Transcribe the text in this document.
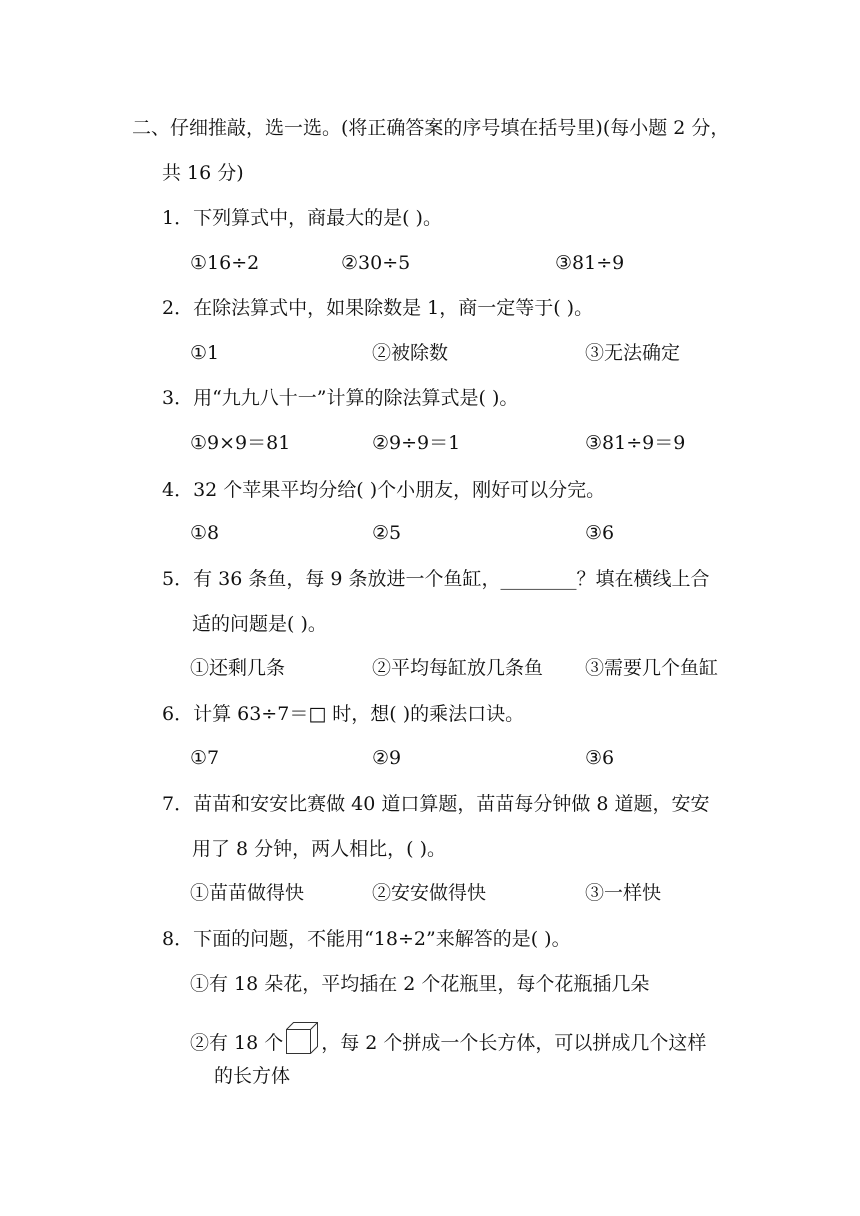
二、仔细推敲，选一选。(将正确答案的序号填在括号里)(每小题 2 分，
共 16 分)
1．下列算式中，商最大的是( )。
①16÷2	②30÷5	③81÷9
2．在除法算式中，如果除数是 1，商一定等于( )。
①1	②被除数	③无法确定
3．用“九九八十一”计算的除法算式是( )。
①9×9＝81	②9÷9＝1	③81÷9＝9
4．32 个苹果平均分给( )个小朋友，刚好可以分完。
①8	②5	③6
5．有 36 条鱼，每 9 条放进一个鱼缸，________？填在横线上合
适的问题是( )。
①还剩几条	②平均每缸放几条鱼 ③需要几个鱼缸
6．计算 63÷7＝□ 时，想( )的乘法口诀。
①7	②9	③6
7．苗苗和安安比赛做 40 道口算题，苗苗每分钟做 8 道题，安安
用了 8 分钟，两人相比，( )。
①苗苗做得快	②安安做得快	③一样快
8．下面的问题，不能用“18÷2”来解答的是( )。
①有 18 朵花，平均插在 2 个花瓶里，每个花瓶插几朵
②有 18 个 ，每 2 个拼成一个长方体，可以拼成几个这样
的长方体
